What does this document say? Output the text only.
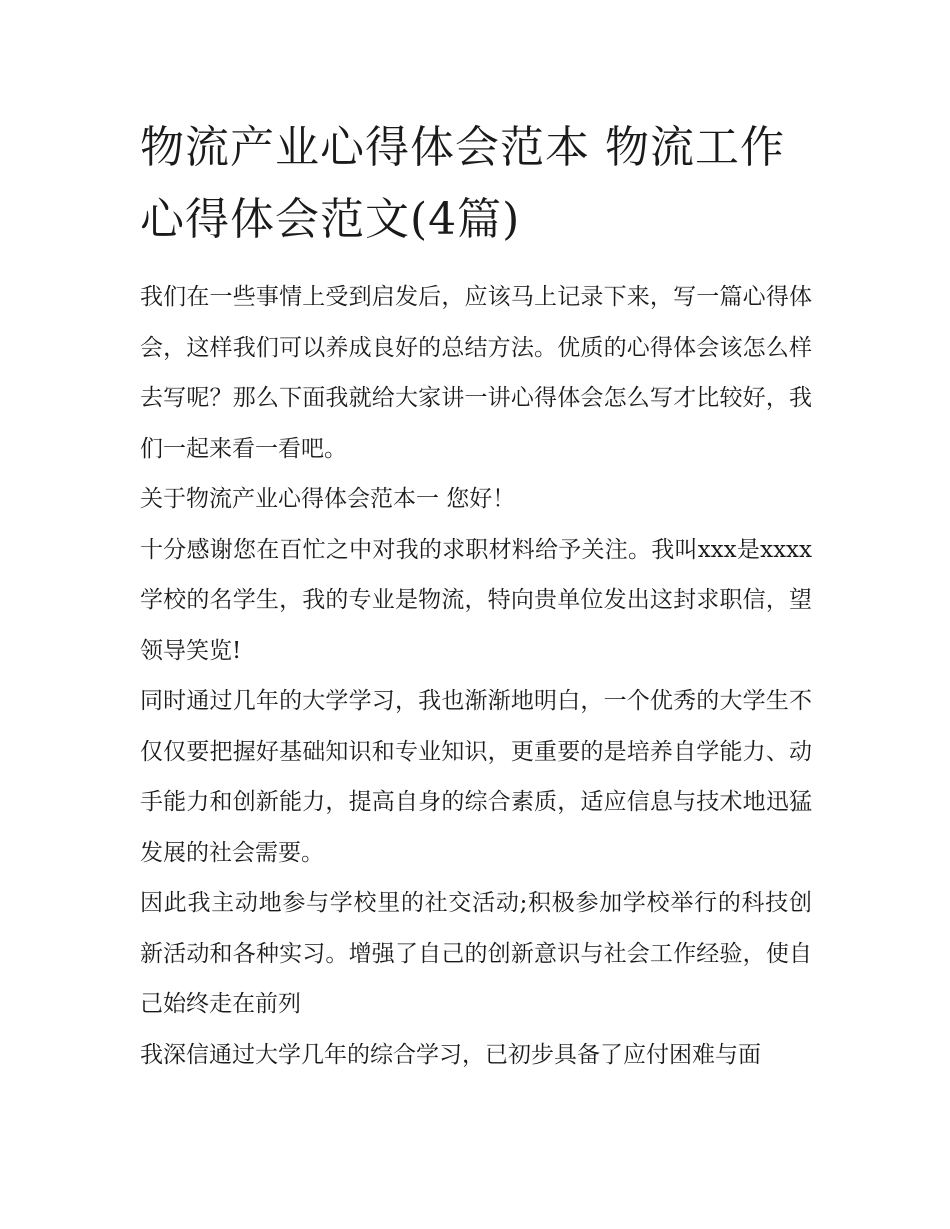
物流产业心得体会范本 物流工作心得体会范文(4篇)

我们在一些事情上受到启发后，应该马上记录下来，写一篇心得体会，这样我们可以养成良好的总结方法。优质的心得体会该怎么样去写呢？那么下面我就给大家讲一讲心得体会怎么写才比较好，我们一起来看一看吧。

关于物流产业心得体会范本一 您好！

十分感谢您在百忙之中对我的求职材料给予关注。我叫xxx是xxxx学校的名学生，我的专业是物流，特向贵单位发出这封求职信，望领导笑览!

同时通过几年的大学学习，我也渐渐地明白，一个优秀的大学生不仅仅要把握好基础知识和专业知识，更重要的是培养自学能力、动手能力和创新能力，提高自身的综合素质，适应信息与技术地迅猛发展的社会需要。

因此我主动地参与学校里的社交活动;积极参加学校举行的科技创新活动和各种实习。增强了自己的创新意识与社会工作经验，使自己始终走在前列

我深信通过大学几年的综合学习，已初步具备了应付困难与面
